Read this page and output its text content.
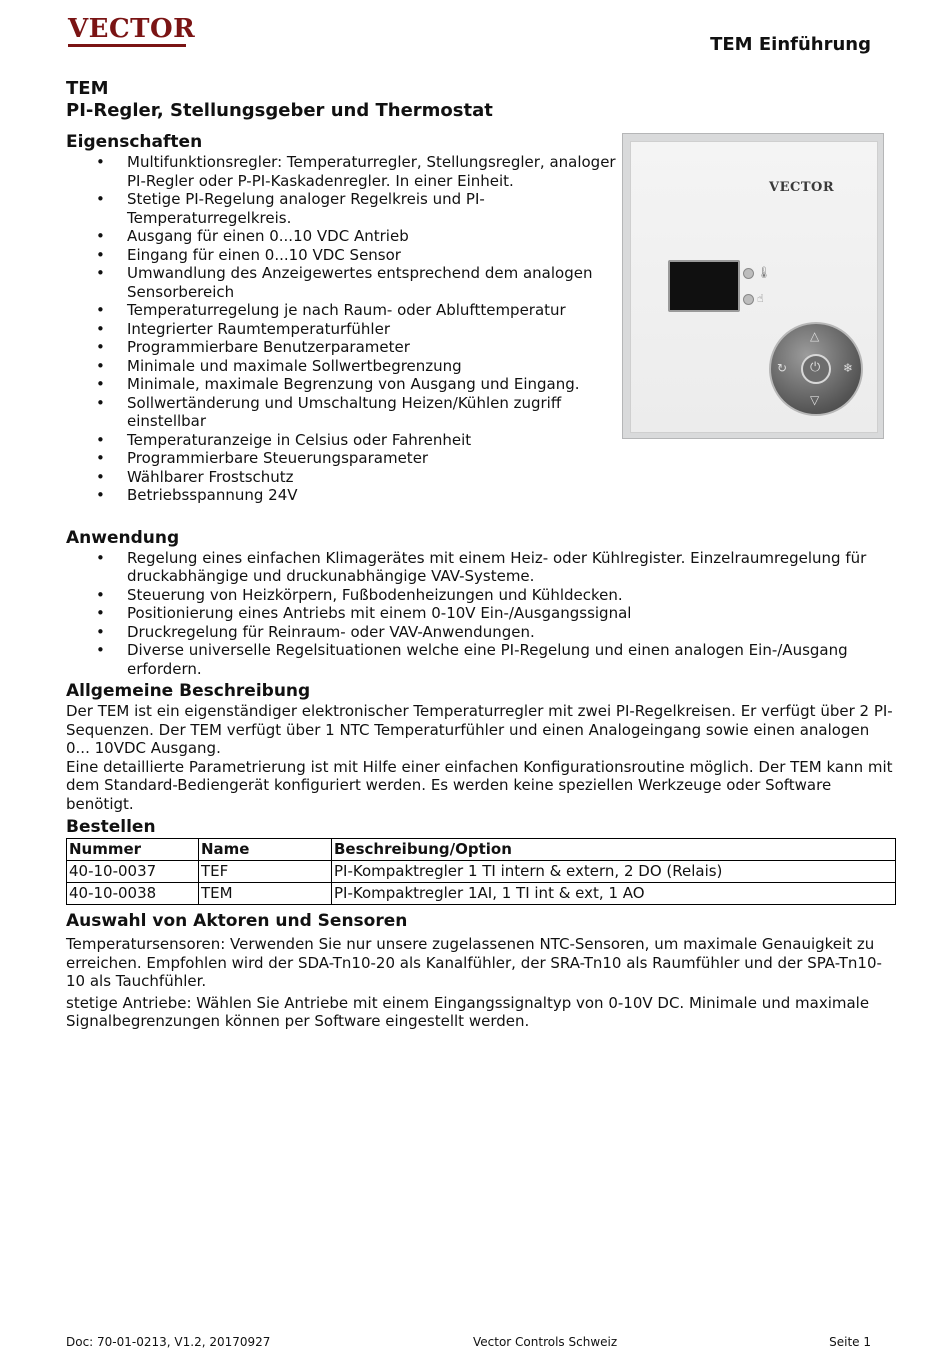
VECTOR
TEM Einführung
VECTOR
🌡
☝
△
▽
↻	❄
⏻
TEM
PI-Regler, Stellungsgeber und Thermostat
Eigenschaften
• Multifunktionsregler: Temperaturregler, Stellungsregler, analoger PI-Regler oder P-PI-Kaskadenregler. In einer Einheit.
• Stetige PI-Regelung analoger Regelkreis und PI-Temperaturregelkreis.
• Ausgang für einen 0...10 VDC Antrieb
• Eingang für einen 0...10 VDC Sensor
• Umwandlung des Anzeigewertes entsprechend dem analogen Sensorbereich
• Temperaturregelung je nach Raum- oder Ablufttemperatur
• Integrierter Raumtemperaturfühler
• Programmierbare Benutzerparameter
• Minimale und maximale Sollwertbegrenzung
• Minimale, maximale Begrenzung von Ausgang und Eingang.
• Sollwertänderung und Umschaltung Heizen/Kühlen zugriff einstellbar
• Temperaturanzeige in Celsius oder Fahrenheit
• Programmierbare Steuerungsparameter
• Wählbarer Frostschutz
• Betriebsspannung 24V
Anwendung
• Regelung eines einfachen Klimagerätes mit einem Heiz- oder Kühlregister. Einzelraumregelung für druckabhängige und druckunabhängige VAV-Systeme.
• Steuerung von Heizkörpern, Fußbodenheizungen und Kühldecken.
• Positionierung eines Antriebs mit einem 0-10V Ein-/Ausgangssignal
• Druckregelung für Reinraum- oder VAV-Anwendungen.
• Diverse universelle Regelsituationen welche eine PI-Regelung und einen analogen Ein-/Ausgang erfordern.
Allgemeine Beschreibung

Der TEM ist ein eigenständiger elektronischer Temperaturregler mit zwei PI-Regelkreisen. Er verfügt über 2 PI-Sequenzen. Der TEM verfügt über 1 NTC Temperaturfühler und einen Analogeingang sowie einen analogen 0... 10VDC Ausgang.

Eine detaillierte Parametrierung ist mit Hilfe einer einfachen Konfigurationsroutine möglich. Der TEM kann mit dem Standard-Bediengerät konfiguriert werden. Es werden keine speziellen Werkzeuge oder Software benötigt.

Bestellen
Nummer	Name	Beschreibung/Option
40-10-0037	TEF	PI-Kompaktregler 1 TI intern & extern, 2 DO (Relais)
40-10-0038	TEM	PI-Kompaktregler 1AI, 1 TI int & ext, 1 AO
Auswahl von Aktoren und Sensoren

Temperatursensoren: Verwenden Sie nur unsere zugelassenen NTC-Sensoren, um maximale Genauigkeit zu erreichen. Empfohlen wird der SDA-Tn10-20 als Kanalfühler, der SRA-Tn10 als Raumfühler und der SPA-Tn10-10 als Tauchfühler.

stetige Antriebe: Wählen Sie Antriebe mit einem Eingangssignaltyp von 0-10V DC. Minimale und maximale Signalbegrenzungen können per Software eingestellt werden.

Doc: 70-01-0213, V1.2, 20170927	Vector Controls Schweiz	Seite 1
